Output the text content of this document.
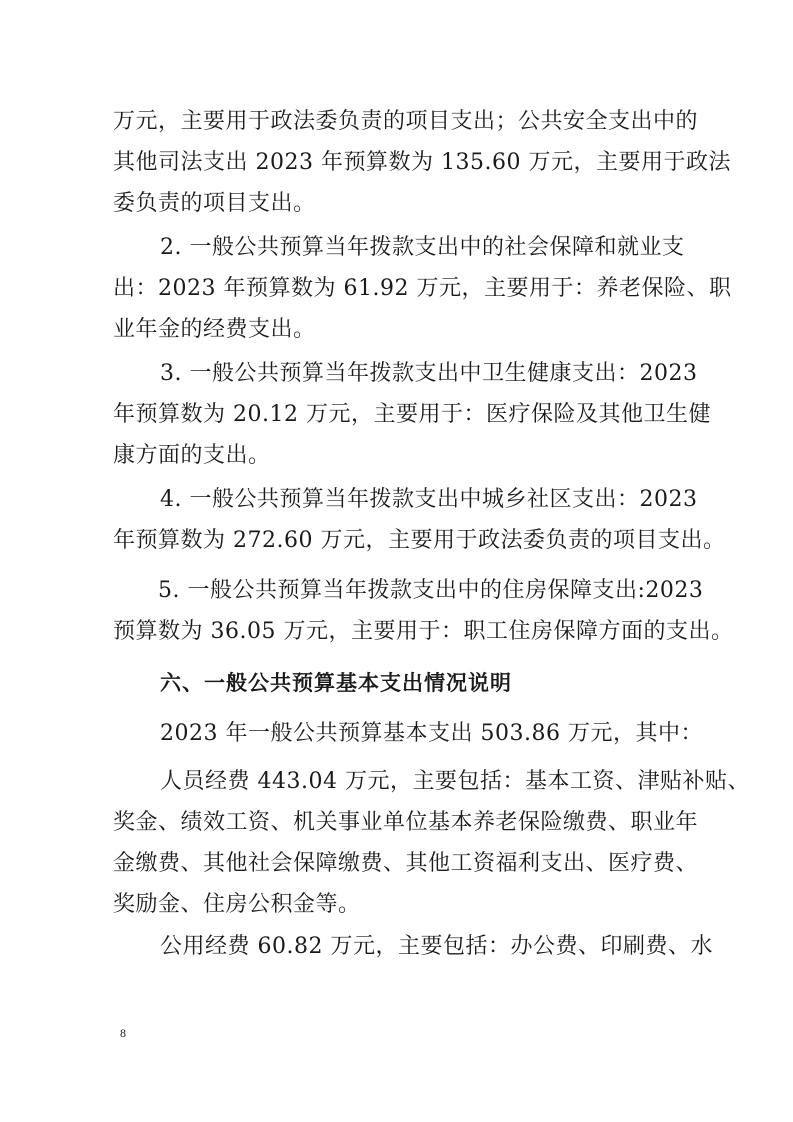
万元，主要用于政法委负责的项目支出；公共安全支出中的
其他司法支出 2023 年预算数为 135.60 万元，主要用于政法
委负责的项目支出。
2. 一般公共预算当年拨款支出中的社会保障和就业支
出：2023 年预算数为 61.92 万元，主要用于：养老保险、职
业年金的经费支出。
3. 一般公共预算当年拨款支出中卫生健康支出：2023
年预算数为 20.12 万元，主要用于：医疗保险及其他卫生健
康方面的支出。
4. 一般公共预算当年拨款支出中城乡社区支出：2023
年预算数为 272.60 万元，主要用于政法委负责的项目支出。
5. 一般公共预算当年拨款支出中的住房保障支出:2023
预算数为 36.05 万元，主要用于：职工住房保障方面的支出。
六、一般公共预算基本支出情况说明
2023 年一般公共预算基本支出 503.86 万元，其中：
人员经费 443.04 万元，主要包括：基本工资、津贴补贴、
奖金、绩效工资、机关事业单位基本养老保险缴费、职业年
金缴费、其他社会保障缴费、其他工资福利支出、医疗费、
奖励金、住房公积金等。
公用经费 60.82 万元，主要包括：办公费、印刷费、水
8
